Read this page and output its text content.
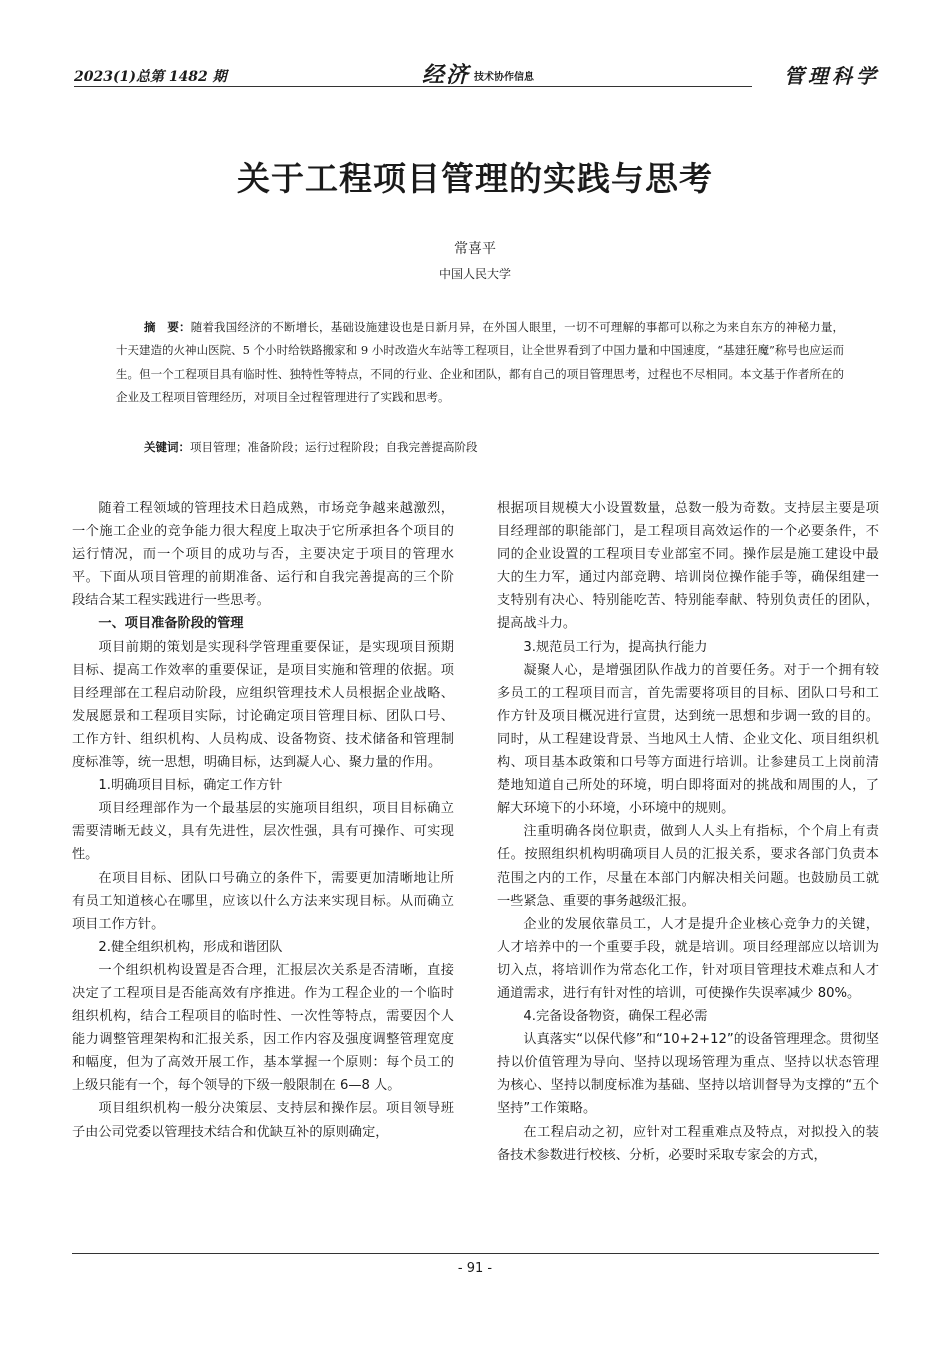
2023(1)总第 1482 期	经济 技术协作信息	管理科学
关于工程项目管理的实践与思考
常喜平
中国人民大学
摘　要：随着我国经济的不断增长，基础设施建设也是日新月异，在外国人眼里，一切不可理解的事都可以称之为来自东方的神秘力量，十天建造的火神山医院、5 个小时给铁路搬家和 9 小时改造火车站等工程项目，让全世界看到了中国力量和中国速度，“基建狂魔”称号也应运而生。但一个工程项目具有临时性、独特性等特点，不同的行业、企业和团队，都有自己的项目管理思考，过程也不尽相同。本文基于作者所在的企业及工程项目管理经历，对项目全过程管理进行了实践和思考。
关键词：项目管理；准备阶段；运行过程阶段；自我完善提高阶段

随着工程领域的管理技术日趋成熟，市场竞争越来越激烈，一个施工企业的竞争能力很大程度上取决于它所承担各个项目的运行情况，而一个项目的成功与否，主要决定于项目的管理水平。下面从项目管理的前期准备、运行和自我完善提高的三个阶段结合某工程实践进行一些思考。

一、项目准备阶段的管理

项目前期的策划是实现科学管理重要保证，是实现项目预期目标、提高工作效率的重要保证，是项目实施和管理的依据。项目经理部在工程启动阶段，应组织管理技术人员根据企业战略、发展愿景和工程项目实际，讨论确定项目管理目标、团队口号、工作方针、组织机构、人员构成、设备物资、技术储备和管理制度标准等，统一思想，明确目标，达到凝人心、聚力量的作用。

1.明确项目目标，确定工作方针

项目经理部作为一个最基层的实施项目组织，项目目标确立需要清晰无歧义，具有先进性，层次性强，具有可操作、可实现性。

在项目目标、团队口号确立的条件下，需要更加清晰地让所有员工知道核心在哪里，应该以什么方法来实现目标。从而确立项目工作方针。

2.健全组织机构，形成和谐团队

一个组织机构设置是否合理，汇报层次关系是否清晰，直接决定了工程项目是否能高效有序推进。作为工程企业的一个临时组织机构，结合工程项目的临时性、一次性等特点，需要因个人能力调整管理架构和汇报关系，因工作内容及强度调整管理宽度和幅度，但为了高效开展工作，基本掌握一个原则：每个员工的上级只能有一个，每个领导的下级一般限制在 6—8 人。

项目组织机构一般分决策层、支持层和操作层。项目领导班子由公司党委以管理技术结合和优缺互补的原则确定，

根据项目规模大小设置数量，总数一般为奇数。支持层主要是项目经理部的职能部门，是工程项目高效运作的一个必要条件，不同的企业设置的工程项目专业部室不同。操作层是施工建设中最大的生力军，通过内部竞聘、培训岗位操作能手等，确保组建一支特别有决心、特别能吃苦、特别能奉献、特别负责任的团队，提高战斗力。

3.规范员工行为，提高执行能力

凝聚人心，是增强团队作战力的首要任务。对于一个拥有较多员工的工程项目而言，首先需要将项目的目标、团队口号和工作方针及项目概况进行宣贯，达到统一思想和步调一致的目的。同时，从工程建设背景、当地风土人情、企业文化、项目组织机构、项目基本政策和口号等方面进行培训。让参建员工上岗前清楚地知道自己所处的环境，明白即将面对的挑战和周围的人，了解大环境下的小环境，小环境中的规则。

注重明确各岗位职责，做到人人头上有指标，个个肩上有责任。按照组织机构明确项目人员的汇报关系，要求各部门负责本范围之内的工作，尽量在本部门内解决相关问题。也鼓励员工就一些紧急、重要的事务越级汇报。

企业的发展依靠员工，人才是提升企业核心竞争力的关键，人才培养中的一个重要手段，就是培训。项目经理部应以培训为切入点，将培训作为常态化工作，针对项目管理技术难点和人才通道需求，进行有针对性的培训，可使操作失误率减少 80%。

4.完备设备物资，确保工程必需

认真落实“以保代修”和“10+2+12”的设备管理理念。贯彻坚持以价值管理为导向、坚持以现场管理为重点、坚持以状态管理为核心、坚持以制度标准为基础、坚持以培训督导为支撑的“五个坚持”工作策略。

在工程启动之初，应针对工程重难点及特点，对拟投入的装备技术参数进行校核、分析，必要时采取专家会的方式，

- 91 -
